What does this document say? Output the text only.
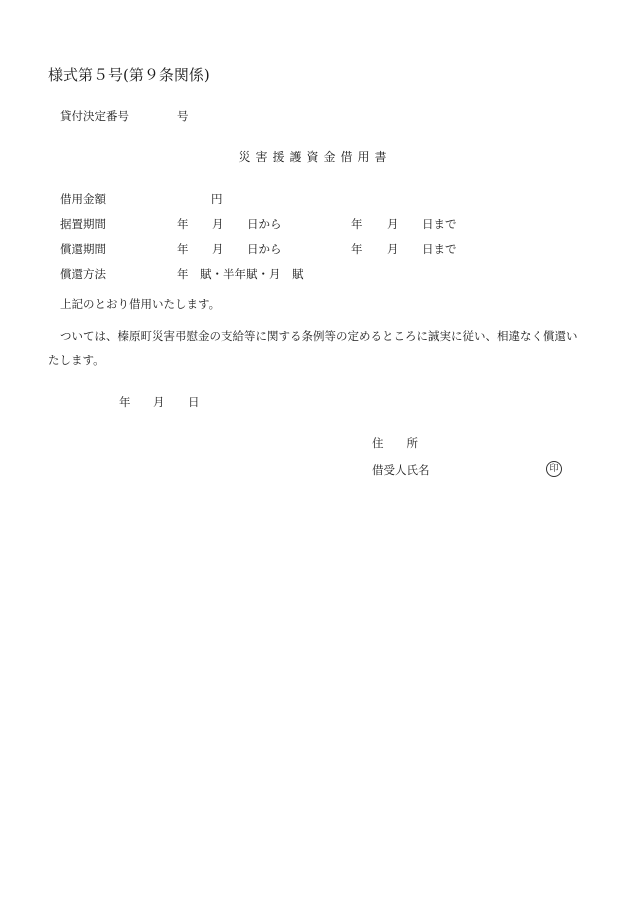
様式第５号(第９条関係)
貸付決定番号	号
災害援護資金借用書
借用金額	円
据置期間	年 月 日から	年 月 日まで
償還期間	年 月 日から	年 月 日まで
償還方法	年　賦・半年賦・月　賦
上記のとおり借用いたします。
ついては、榛原町災害弔慰金の支給等に関する条例等の定めるところに誠実に従い、相違なく償還い
たします。
年 月 日
住　　所
借受人氏名	印
